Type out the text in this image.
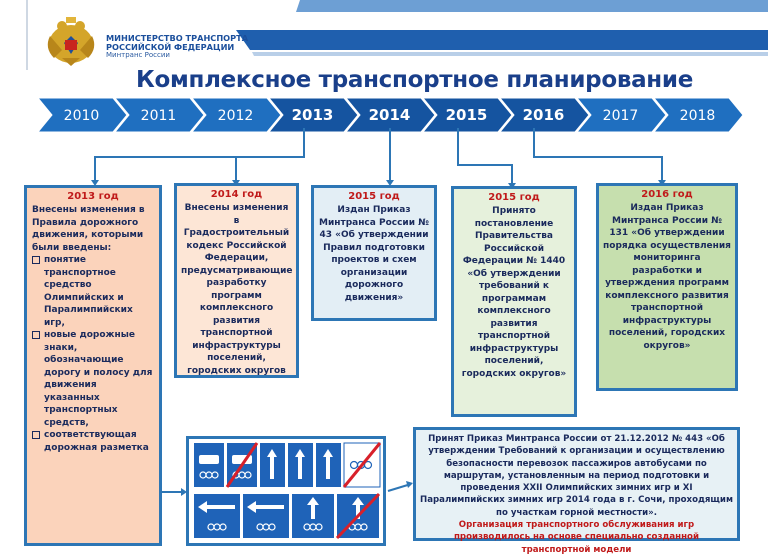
МИНИСТЕРСТВО ТРАНСПОРТА
РОССИЙСКОЙ ФЕДЕРАЦИИ
Минтранс России
Комплексное транспортное планирование
2010	2011	2012	2013 2014 2015 2016	2017	2018
2013 год
Внесены изменения в Правила дорожного движения, которыми были введены:
понятие транспортное средство Олимпийских и Паралимпийских игр,
новые дорожные знаки, обозначающие дорогу и полосу для движения указанных транспортных средств,
соответствующая дорожная разметка
2014 год
Внесены изменения в Градостроительный кодекс Российской Федерации, предусматривающие разработку программ комплексного развития транспортной инфраструктуры поселений, городских округов
2015 год
Издан Приказ Минтранса России № 43 «Об утверждении Правил подготовки проектов и схем организации дорожного движения»
2015 год
Принято постановление Правительства Российской Федерации № 1440 «Об утверждении требований к программам комплексного развития транспортной инфраструктуры поселений, городских округов»
2016 год
Издан Приказ Минтранса России № 131 «Об утверждении порядка осуществления мониторинга разработки и утверждения программ комплексного развития транспортной инфраструктуры поселений, городских округов»
Принят Приказ Минтранса России от 21.12.2012 № 443 «Об утверждении Требований к организации и осуществлению безопасности перевозок пассажиров автобусами по маршрутам, установленным на период подготовки и проведения XXII Олимпийских зимних игр и XI Паралимпийских зимних игр 2014 года в г. Сочи, проходящим по участкам горной местности».
Организация транспортного обслуживания игр производилось на основе специально созданной транспортной модели
